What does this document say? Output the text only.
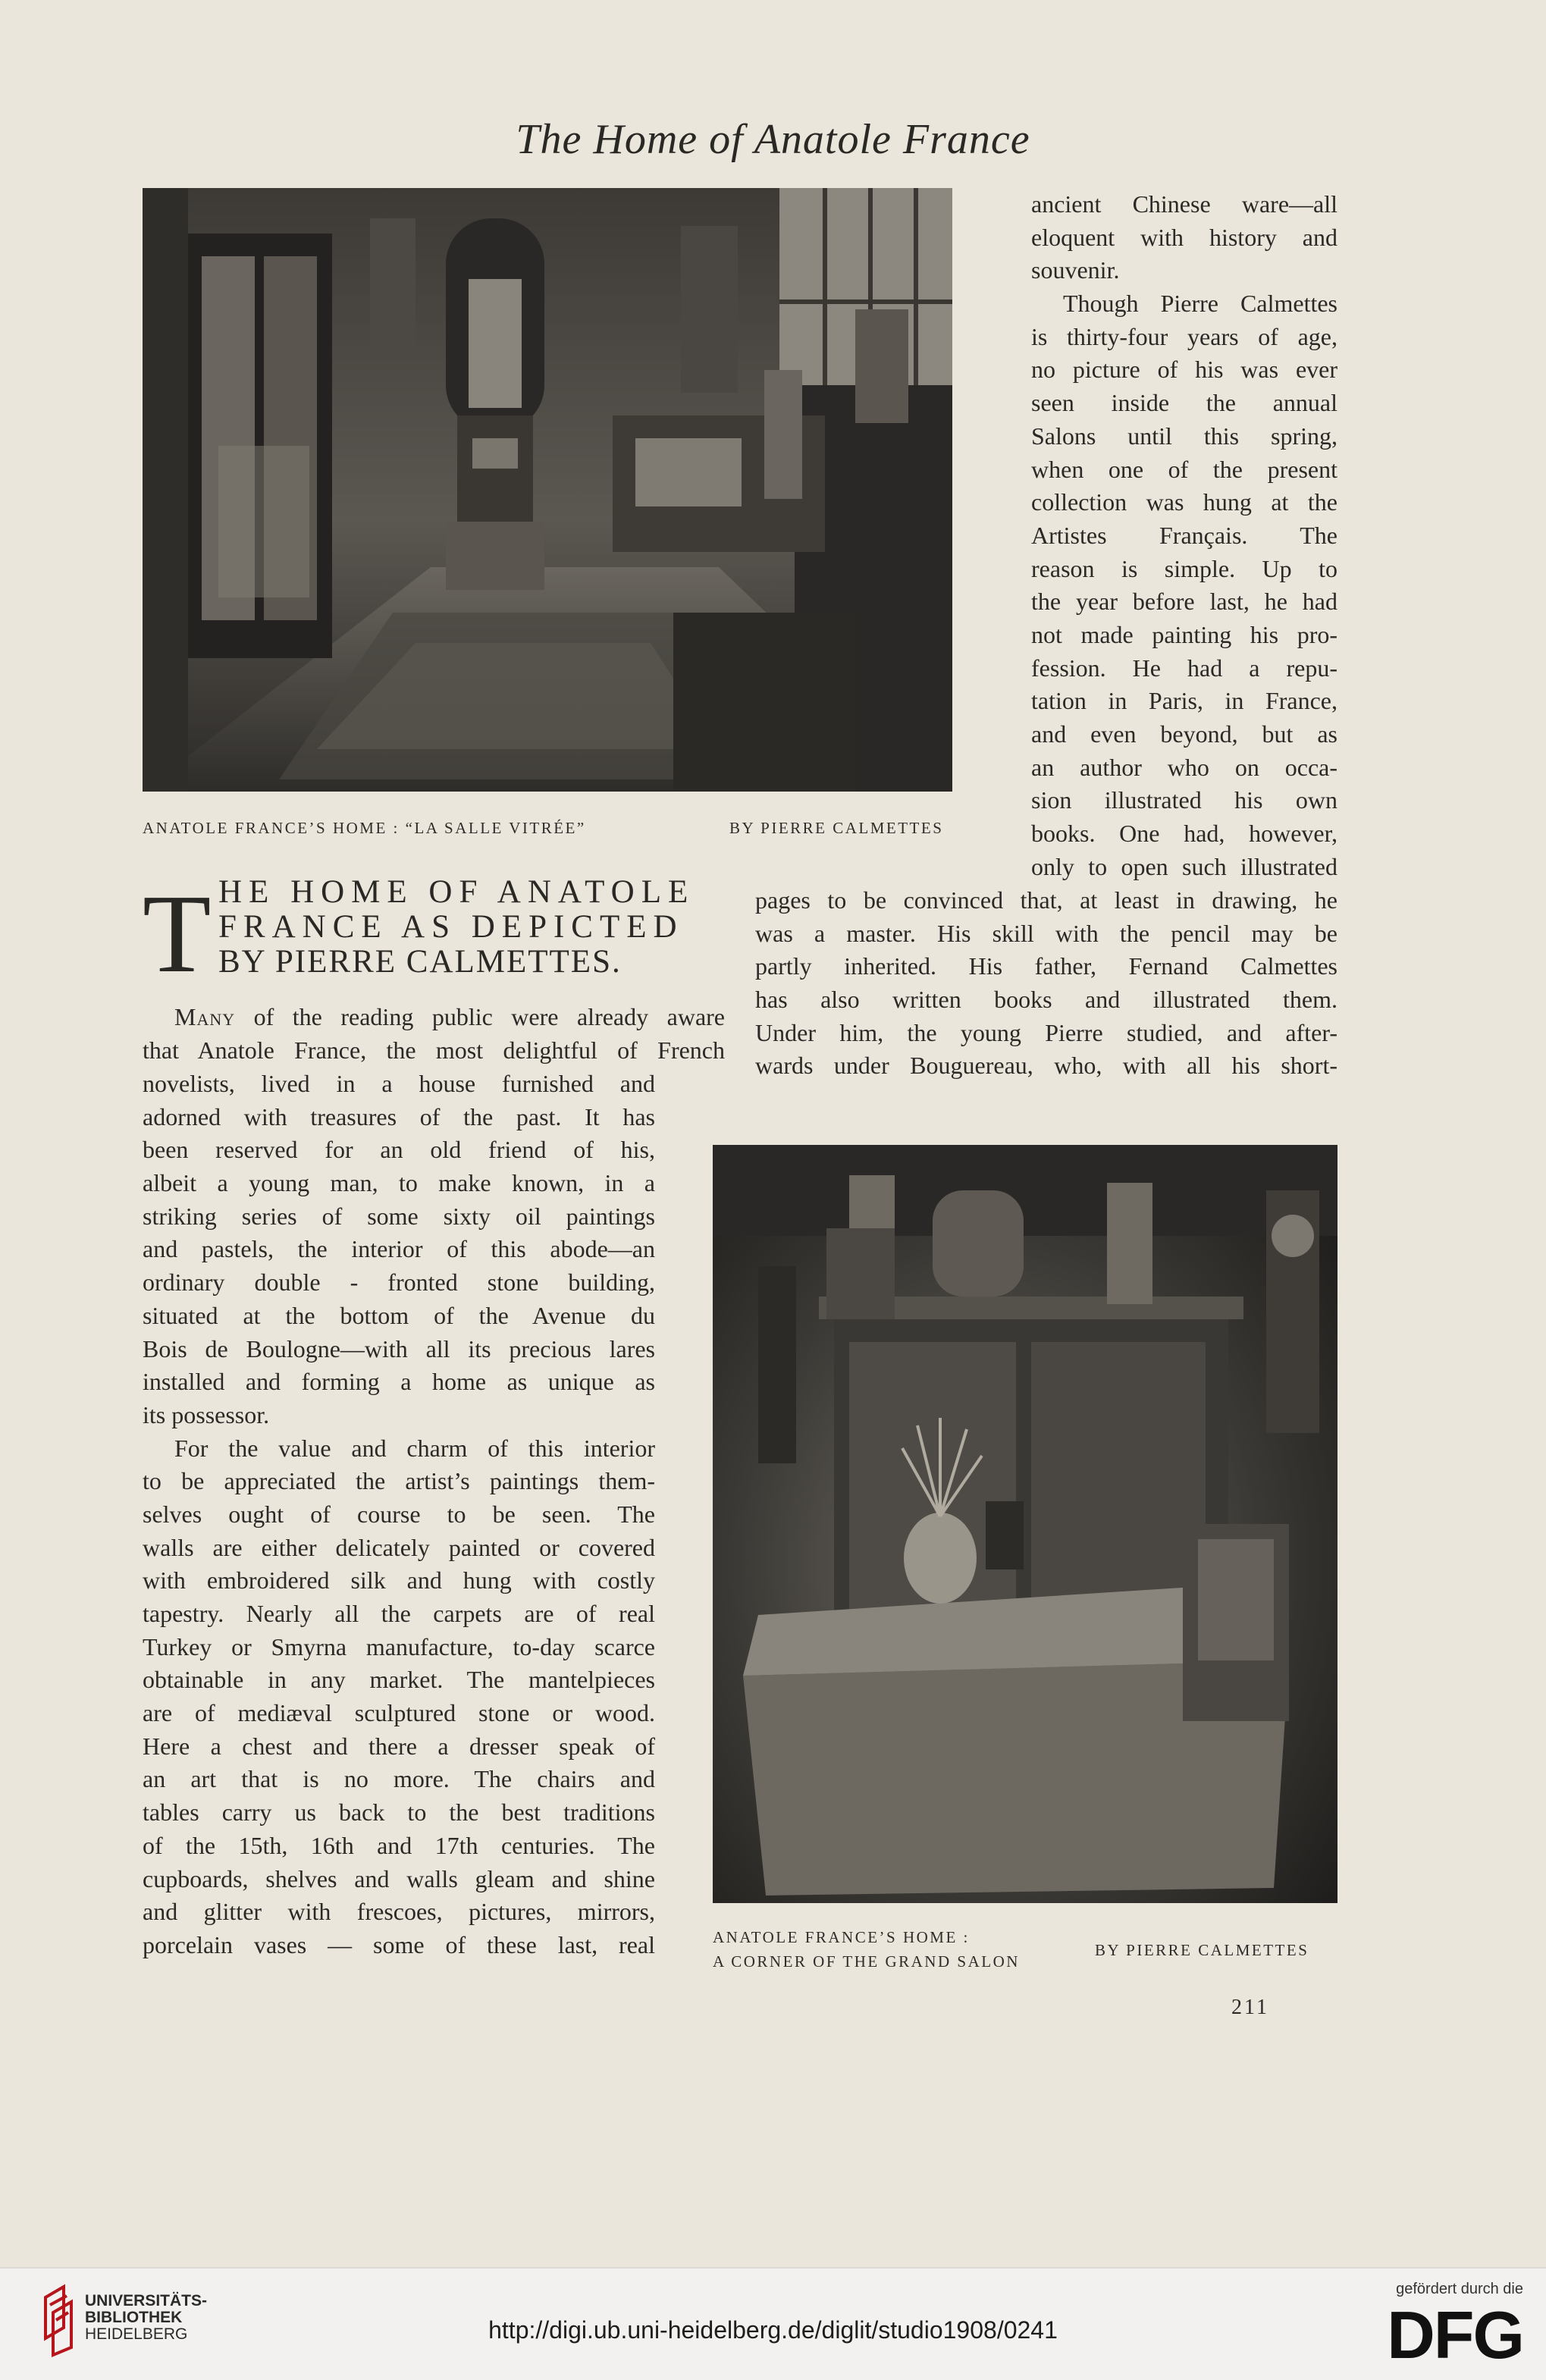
The Home of Anatole France
ANATOLE FRANCE’S HOME : “LA SALLE VITRÉE”	BY PIERRE CALMETTES
ancient Chinese ware—all
eloquent with history and
souvenir.
Though Pierre Calmettes
is thirty-four years of age,
no picture of his was ever
seen inside the annual
Salons until this spring,
when one of the present
collection was hung at the
Artistes Français. The
reason is simple. Up to
the year before last, he had
not made painting his pro-
fession. He had a repu-
tation in Paris, in France,
and even beyond, but as
an author who on occa-
sion illustrated his own
books. One had, however,
only to open such illustrated
pages to be convinced that, at least in drawing, he
was a master. His skill with the pencil may be
partly inherited. His father, Fernand Calmettes
has also written books and illustrated them.
Under him, the young Pierre studied, and after-
wards under Bouguereau, who, with all his short-
T HE HOME OF ANATOLE
FRANCE AS DEPICTED
BY PIERRE CALMETTES.
Many of the reading public were already aware
that Anatole France, the most delightful of French
novelists, lived in a house furnished and
adorned with treasures of the past. It has
been reserved for an old friend of his,
albeit a young man, to make known, in a
striking series of some sixty oil paintings
and pastels, the interior of this abode—an
ordinary double - fronted stone building,
situated at the bottom of the Avenue du
Bois de Boulogne—with all its precious lares
installed and forming a home as unique as
its possessor.
For the value and charm of this interior
to be appreciated the artist’s paintings them-
selves ought of course to be seen. The
walls are either delicately painted or covered
with embroidered silk and hung with costly
tapestry. Nearly all the carpets are of real
Turkey or Smyrna manufacture, to-day scarce
obtainable in any market. The mantelpieces
are of mediæval sculptured stone or wood.
Here a chest and there a dresser speak of
an art that is no more. The chairs and
tables carry us back to the best traditions
of the 15th, 16th and 17th centuries. The
cupboards, shelves and walls gleam and shine
and glitter with frescoes, pictures, mirrors,
porcelain vases — some of these last, real	ANATOLE FRANCE’S HOME :
A CORNER OF THE GRAND SALON
BY PIERRE CALMETTES
211
UNIVERSITÄTS-
BIBLIOTHEK
HEIDELBERG	http://digi.ub.uni-heidelberg.de/diglit/studio1908/0241
gefördert durch die
DFG
